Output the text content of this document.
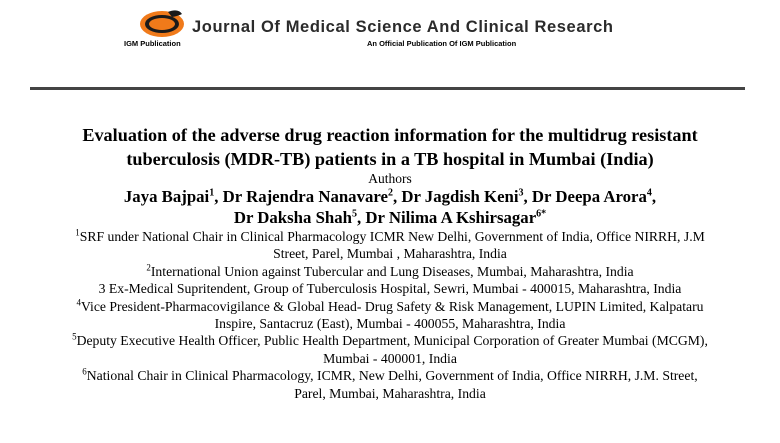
IGM Publication
Journal Of Medical Science And Clinical Research
An Official Publication Of IGM Publication
Evaluation of the adverse drug reaction information for the multidrug resistant tuberculosis (MDR-TB) patients in a TB hospital in Mumbai (India)
Authors
Jaya Bajpai$^1$, Dr Rajendra Nanavare$^2$, Dr Jagdish Keni$^3$, Dr Deepa Arora$^4$,
Dr Daksha Shah$^5$, Dr Nilima A Kshirsagar$^{6*}$
$^1$SRF under National Chair in Clinical Pharmacology ICMR New Delhi, Government of India, Office NIRRH, J.M Street, Parel, Mumbai , Maharashtra, India
$^2$International Union against Tubercular and Lung Diseases, Mumbai, Maharashtra, India
3 Ex-Medical Supritendent, Group of Tuberculosis Hospital, Sewri, Mumbai - 400015, Maharashtra, India
$^4$Vice President-Pharmacovigilance & Global Head- Drug Safety & Risk Management, LUPIN Limited, Kalpataru Inspire, Santacruz (East), Mumbai - 400055, Maharashtra, India
$^5$Deputy Executive Health Officer, Public Health Department, Municipal Corporation of Greater Mumbai (MCGM), Mumbai - 400001, India
$^6$National Chair in Clinical Pharmacology, ICMR, New Delhi, Government of India, Office NIRRH, J.M. Street, Parel, Mumbai, Maharashtra, India
